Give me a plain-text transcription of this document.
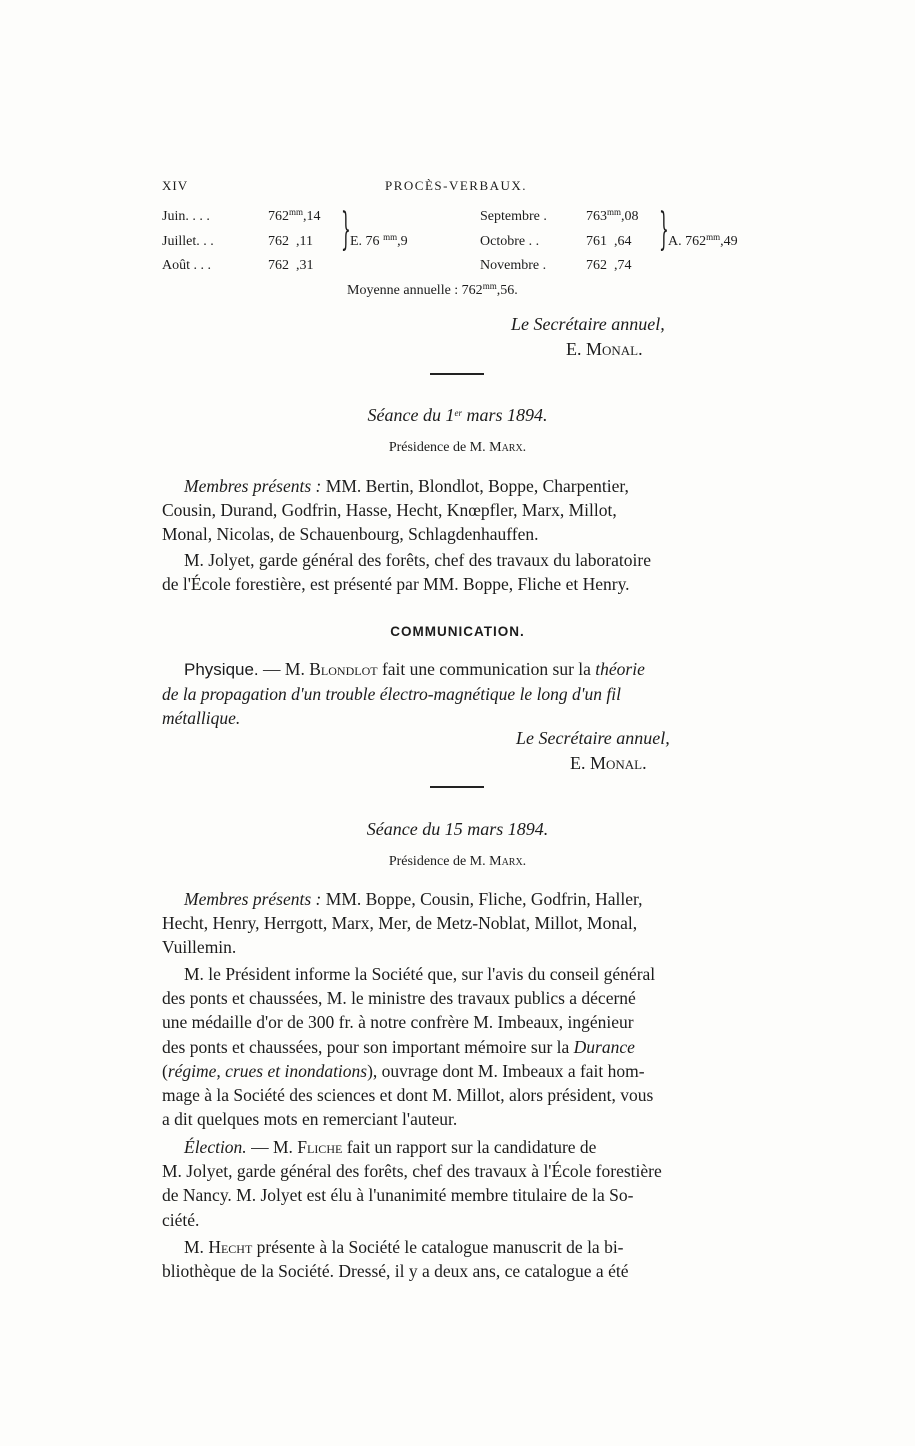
XIV	PROCÈS-VERBAUX.
Juin. . . .	$762^{mm},14$	Septembre .	$763^{mm},08$
Juillet. . .	762 ,11	Octobre . .	761 ,64
Août . . .	762 ,31	Novembre .	762 ,74
} E. 76 $^{mm}$,9	} A. $762^{mm},49$
Moyenne annuelle : $762^{mm},56$.
Le Secrétaire annuel,
E. Monal.
Séance du 1er mars 1894.
Présidence de M. Marx.
Membres présents : MM. Bertin, Blondlot, Boppe, Charpentier,
Cousin, Durand, Godfrin, Hasse, Hecht, Knœpfler, Marx, Millot,
Monal, Nicolas, de Schauenbourg, Schlagdenhauffen.
M. Jolyet, garde général des forêts, chef des travaux du laboratoire
de l'École forestière, est présenté par MM. Boppe, Fliche et Henry.
COMMUNICATION.
Physique. — M. Blondlot fait une communication sur la théorie
de la propagation d'un trouble électro-magnétique le long d'un fil
métallique.
Le Secrétaire annuel,
E. Monal.
Séance du 15 mars 1894.
Présidence de M. Marx.
Membres présents : MM. Boppe, Cousin, Fliche, Godfrin, Haller,
Hecht, Henry, Herrgott, Marx, Mer, de Metz-Noblat, Millot, Monal,
Vuillemin.
M. le Président informe la Société que, sur l'avis du conseil général
des ponts et chaussées, M. le ministre des travaux publics a décerné
une médaille d'or de 300 fr. à notre confrère M. Imbeaux, ingénieur
des ponts et chaussées, pour son important mémoire sur la Durance
(régime, crues et inondations), ouvrage dont M. Imbeaux a fait hom-
mage à la Société des sciences et dont M. Millot, alors président, vous
a dit quelques mots en remerciant l'auteur.
Élection. — M. Fliche fait un rapport sur la candidature de
M. Jolyet, garde général des forêts, chef des travaux à l'École forestière
de Nancy. M. Jolyet est élu à l'unanimité membre titulaire de la So-
ciété.
M. Hecht présente à la Société le catalogue manuscrit de la bi-
bliothèque de la Société. Dressé, il y a deux ans, ce catalogue a été
